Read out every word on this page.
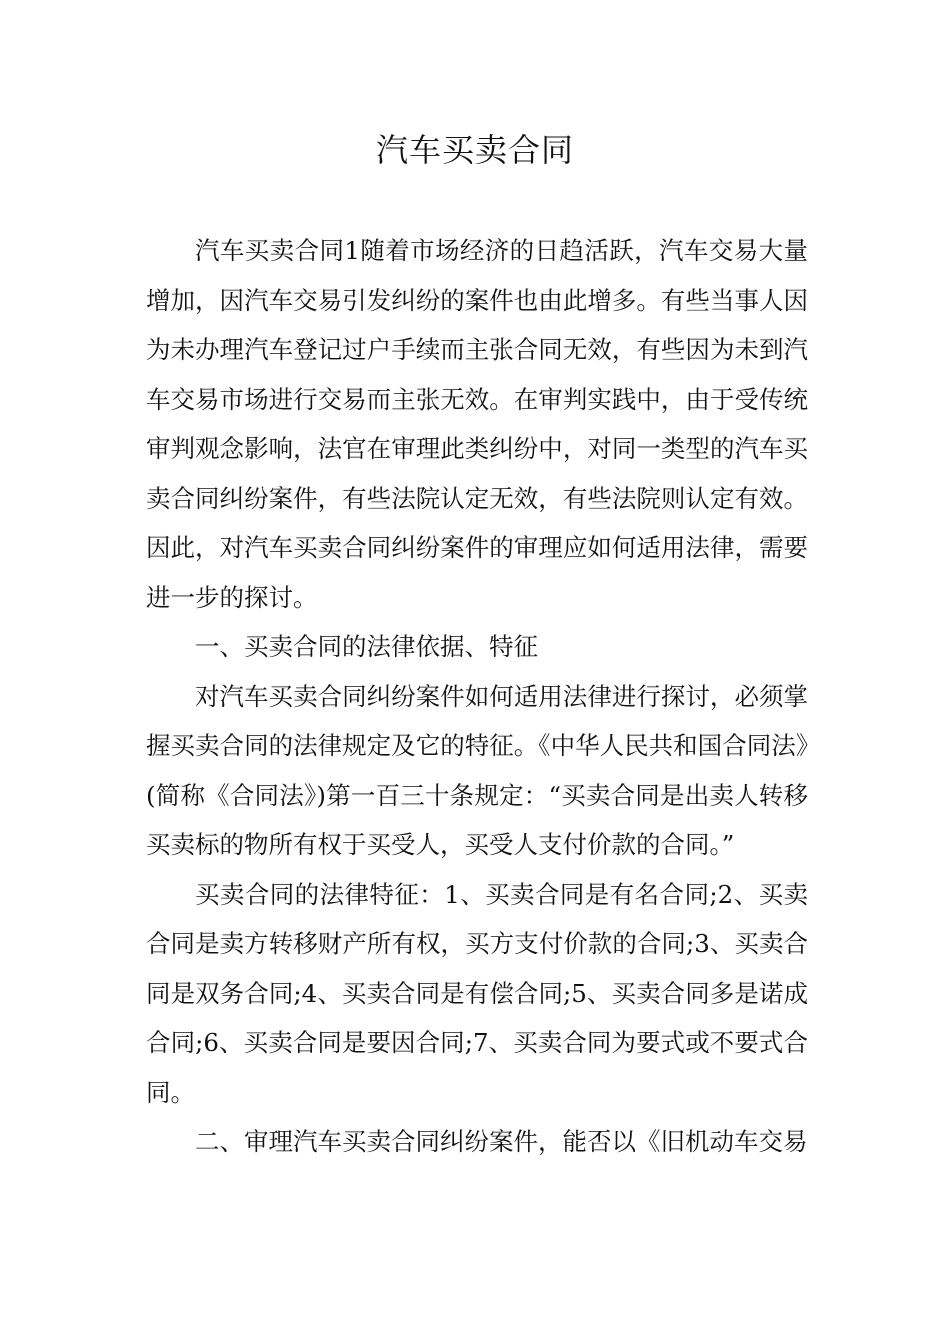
汽车买卖合同

汽车买卖合同1随着市场经济的日趋活跃，汽车交易大量增加，因汽车交易引发纠纷的案件也由此增多。有些当事人因为未办理汽车登记过户手续而主张合同无效，有些因为未到汽车交易市场进行交易而主张无效。在审判实践中，由于受传统审判观念影响，法官在审理此类纠纷中，对同一类型的汽车买卖合同纠纷案件，有些法院认定无效，有些法院则认定有效。因此，对汽车买卖合同纠纷案件的审理应如何适用法律，需要进一步的探讨。

一、买卖合同的法律依据、特征

对汽车买卖合同纠纷案件如何适用法律进行探讨，必须掌握买卖合同的法律规定及它的特征。《中华人民共和国合同法》(简称《合同法》)第一百三十条规定：“买卖合同是出卖人转移买卖标的物所有权于买受人，买受人支付价款的合同。”

买卖合同的法律特征：1、买卖合同是有名合同;2、买卖合同是卖方转移财产所有权，买方支付价款的合同;3、买卖合同是双务合同;4、买卖合同是有偿合同;5、买卖合同多是诺成合同;6、买卖合同是要因合同;7、买卖合同为要式或不要式合同。

二、审理汽车买卖合同纠纷案件，能否以《旧机动车交易
